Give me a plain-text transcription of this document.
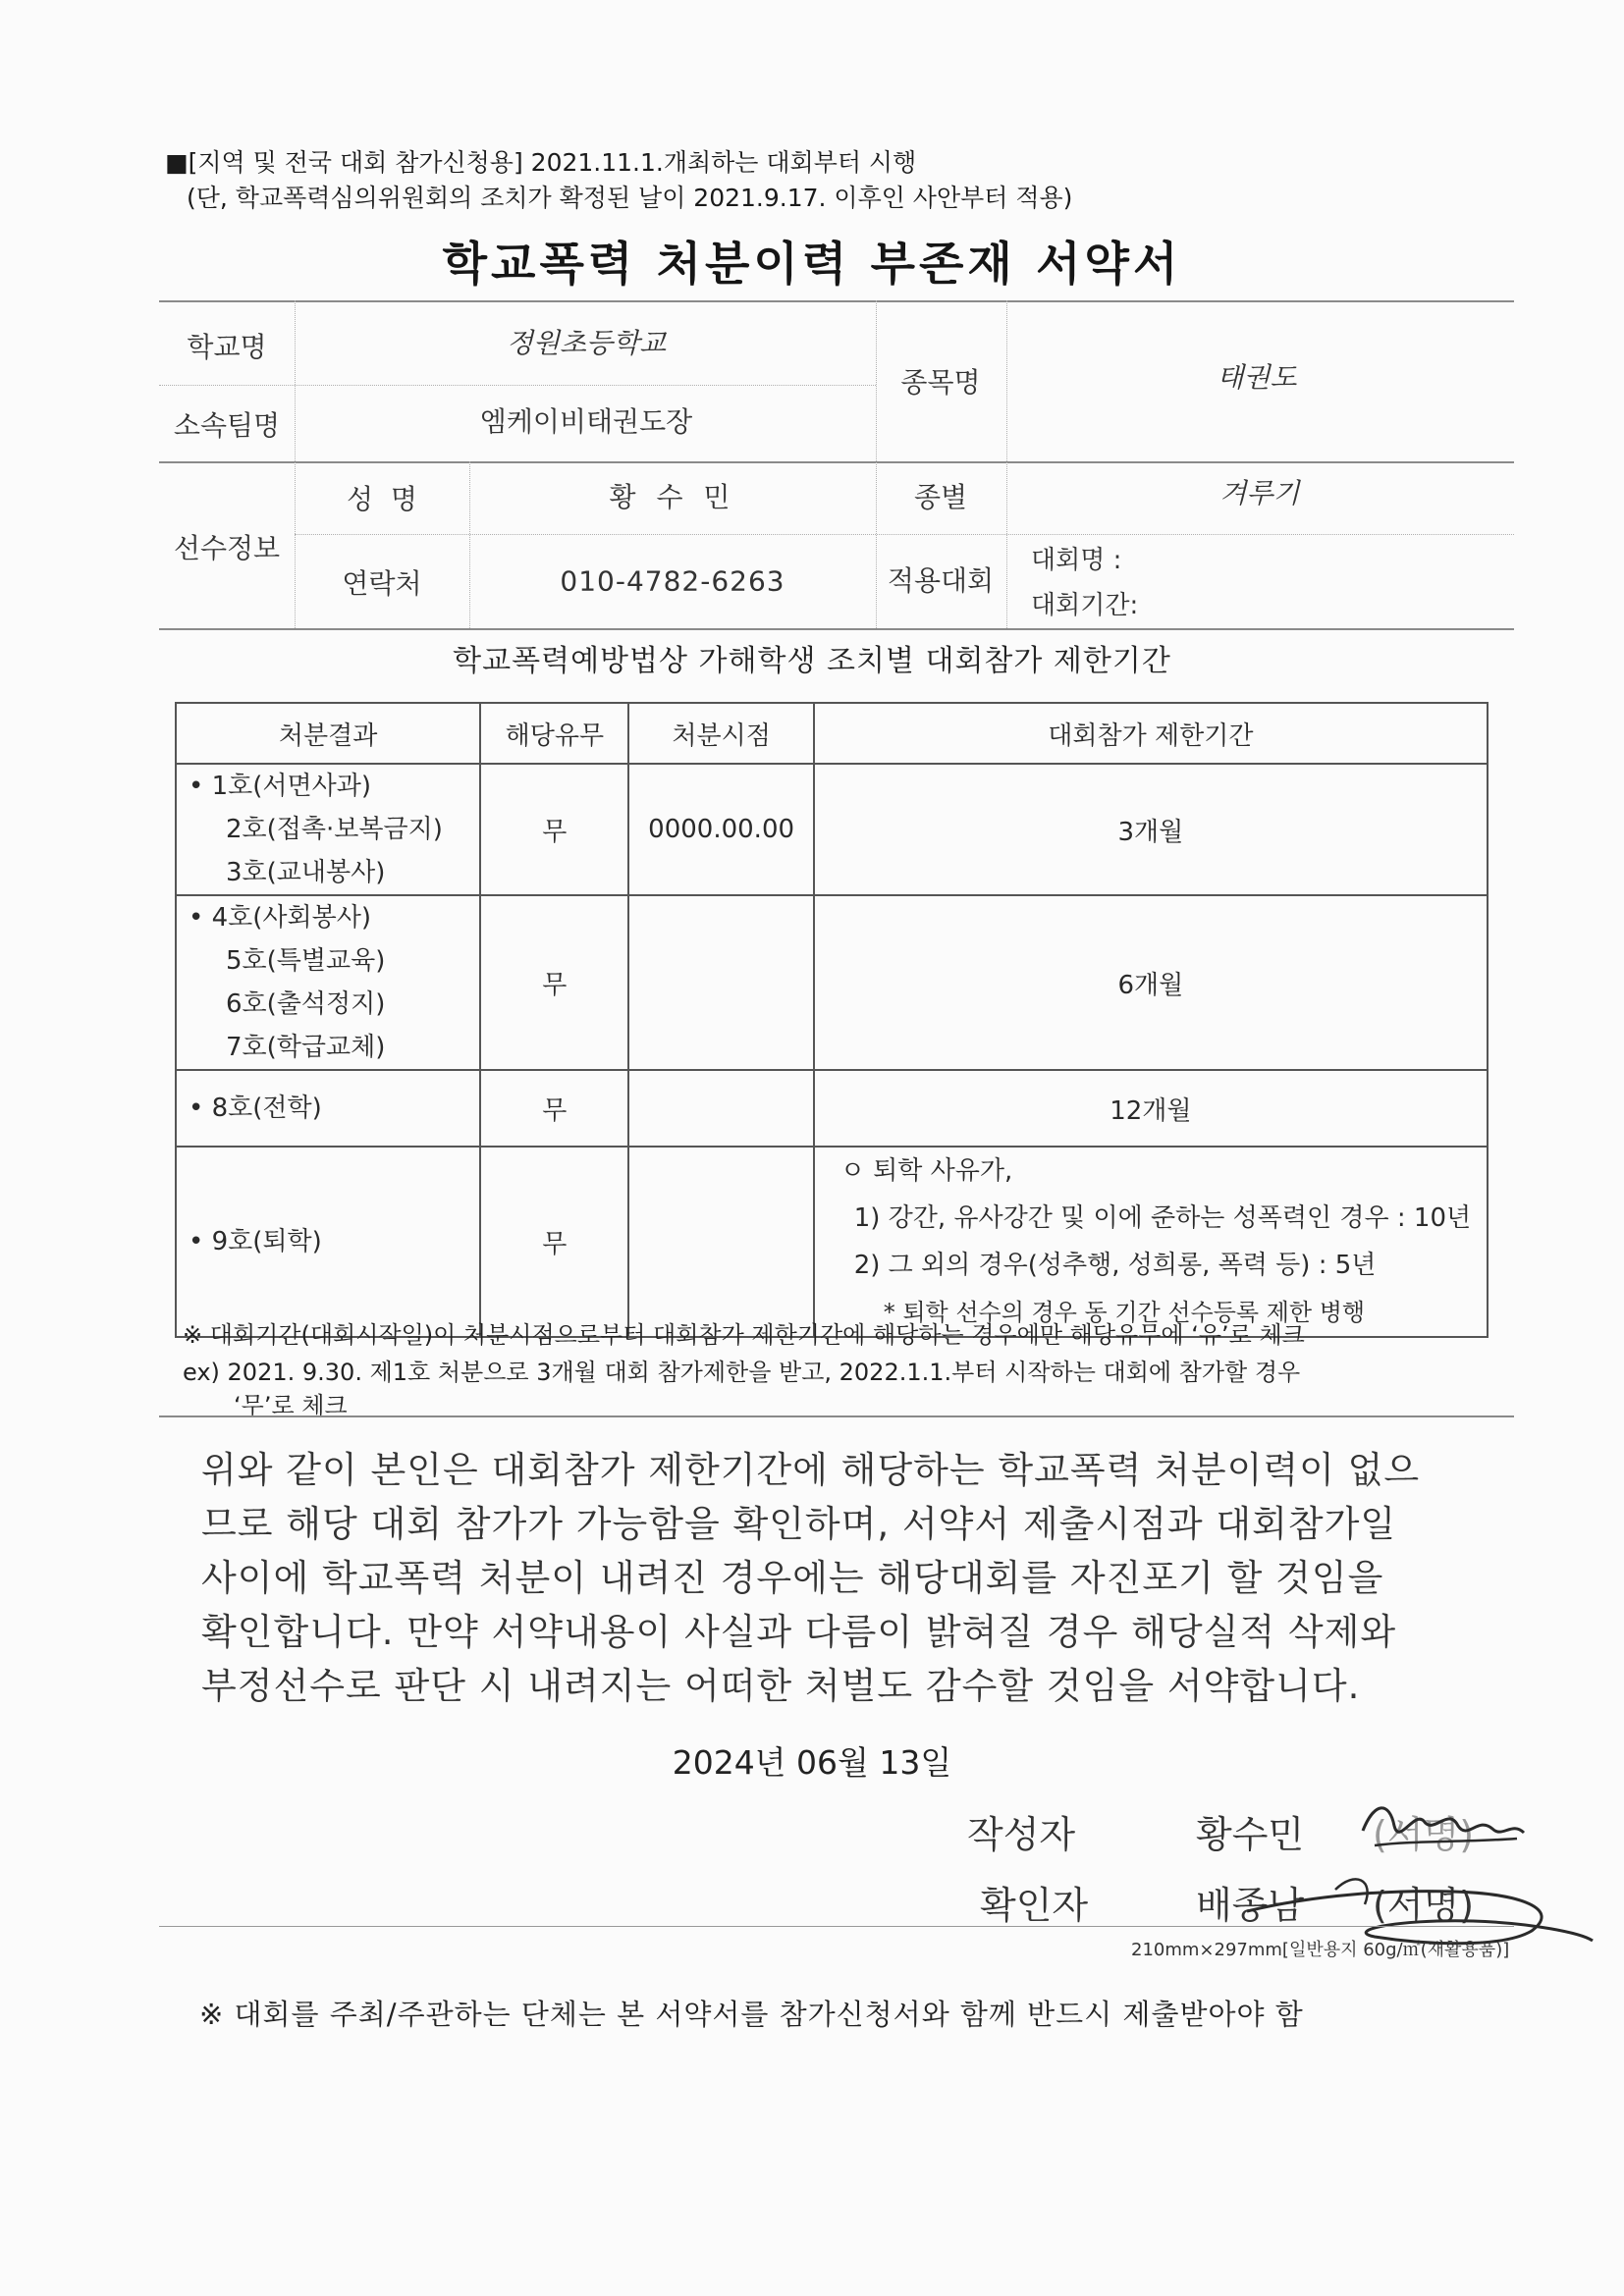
■[지역 및 전국 대회 참가신청용] 2021.11.1.개최하는 대회부터 시행
(단, 학교폭력심의위원회의 조치가 확정된 날이 2021.9.17. 이후인 사안부터 적용)
학교폭력 처분이력 부존재 서약서
학교명	정원초등학교
소속팀명	엠케이비태권도장
종목명	태권도
선수정보
성  명	황 수 민	종별	겨루기
연락처	010-4782-6263	적용대회
대회명 :
대회기간:
학교폭력예방법상 가해학생 조치별 대회참가 제한기간
처분결과	해당유무	처분시점	대회참가 제한기간

• 1호(서면사과)
2호(접촉·보복금지)
3호(교내봉사)	무	0000.00.00	3개월

• 4호(사회봉사)
5호(특별교육)
6호(출석정지)
7호(학급교체)	무		6개월

• 8호(전학)	무		12개월

• 9호(퇴학)	무		ㅇ 퇴학 사유가,
1) 강간, 유사강간 및 이에 준하는 성폭력인 경우 : 10년
2) 그 외의 경우(성추행, 성희롱, 폭력 등) : 5년
* 퇴학 선수의 경우 동 기간 선수등록 제한 병행
※ 대회기간(대회시작일)이 처분시점으로부터 대회참가 제한기간에 해당하는 경우에만 해당유무에 ‘유’로 체크
ex) 2021. 9.30. 제1호 처분으로 3개월 대회 참가제한을 받고, 2022.1.1.부터 시작하는 대회에 참가할 경우
‘무’로 체크

위와 같이 본인은 대회참가 제한기간에 해당하는 학교폭력 처분이력이 없으

므로 해당 대회 참가가 가능함을 확인하며, 서약서 제출시점과 대회참가일

사이에 학교폭력 처분이 내려진 경우에는 해당대회를 자진포기 할 것임을

확인합니다. 만약 서약내용이 사실과 다름이 밝혀질 경우 해당실적 삭제와

부정선수로 판단 시 내려지는 어떠한 처벌도 감수할 것임을 서약합니다.

2024년 06월 13일
작성자	황수민 (서명)
확인자	배종남 (서명)
210mm×297mm[일반용지 60g/㎡(재활용품)]
※ 대회를 주최/주관하는 단체는 본 서약서를 참가신청서와 함께 반드시 제출받아야 함
